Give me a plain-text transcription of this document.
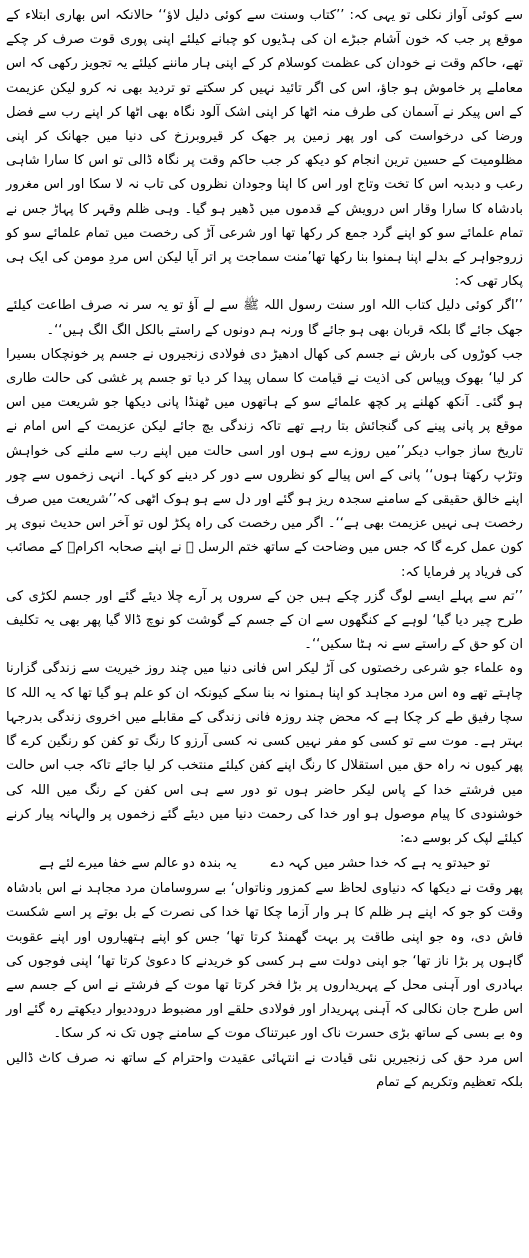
سے کوئی آواز نکلی تو یہی کہ: ’’کتاب وسنت سے کوئی دلیل لاؤ‘‘ حالانکہ اس بھاری ابتلاء کے موقع پر جب کہ خون آشام جبڑے ان کی ہڈیوں کو چبانے کیلئے اپنی پوری قوت صرف کر چکے تھے، حاکم وقت نے خودان کی عظمت کوسلام کر کے اپنی ہار ماننے کیلئے یہ تجویز رکھی کہ اس معاملے پر خاموش ہو جاؤ، اس کی اگر تائید نہیں کر سکتے تو تردید بھی نہ کرو لیکن عزیمت کے اس پیکر نے آسمان کی طرف منہ اٹھا کر اپنی اشک آلود نگاہ بھی اٹھا کر اپنے رب سے فضل ورضا کی درخواست کی اور پھر زمین پر جھک کر قیروبرزخ کی دنیا میں جھانک کر اپنی مظلومیت کے حسین ترین انجام کو دیکھ کر جب حاکم وقت پر نگاہ ڈالی تو اس کا سارا شاہی رعب و دبدبہ اس کا تخت وتاج اور اس کا اپنا وجودان نظروں کی تاب نہ لا سکا اور اس مغرور بادشاہ کا سارا وقار اس درویش کے قدموں میں ڈھیر ہو گیا۔ وہی ظلم وقہر کا پہاڑ جس نے تمام علمائے سو کو اپنے گرد جمع کر رکھا تھا اور شرعی آڑ کی رخصت میں تمام علمائے سو کو زروجواہر کے بدلے اپنا ہمنوا بنا رکھا تھا’منت سماجت پر اتر آیا لیکن اس مردِ مومن کی ایک ہی پکار تھی کہ:

’’اگر کوئی دلیل کتاب اللہ اور سنت رسول اللہ ﷺ سے لے آؤ تو یہ سر نہ صرف اطاعت کیلئے جھک جائے گا بلکہ قربان بھی ہو جائے گا ورنہ ہم دونوں کے راستے بالکل الگ الگ ہیں‘‘۔

جب کوڑوں کی بارش نے جسم کی کھال ادھیڑ دی فولادی زنجیروں نے جسم پر خونچکاں بسیرا کر لیا‘ بھوک وپیاس کی اذیت نے قیامت کا سماں پیدا کر دیا تو جسم پر غشی کی حالت طاری ہو گئی۔ آنکھ کھلنے پر کچھ علمائے سو کے ہاتھوں میں ٹھنڈا پانی دیکھا جو شریعت میں اس موقع پر پانی پینے کی گنجائش بتا رہے تھے تاکہ زندگی بچ جائے لیکن عزیمت کے اس امام نے تاریخ ساز جواب دیکر’’میں روزے سے ہوں اور اسی حالت میں اپنے رب سے ملنے کی خواہش وتڑپ رکھتا ہوں‘‘ پانی کے اس پیالے کو نظروں سے دور کر دینے کو کہا۔ انہی زخموں سے چور اپنے خالق حقیقی کے سامنے سجدہ ریز ہو گئے اور دل سے ہو ہوک اٹھی کہ’’شریعت میں صرف رخصت ہی نہیں عزیمت بھی ہے‘‘۔ اگر میں رخصت کی راہ پکڑ لوں تو آخر اس حدیث نبوی پر کون عمل کرے گا کہ جس میں وضاحت کے ساتھ ختم الرسل ﷺ نے اپنے صحابہ اکرامؓ کے مصائب کی فریاد پر فرمایا کہ:

’’تم سے پہلے ایسے لوگ گزر چکے ہیں جن کے سروں پر آرے چلا دیئے گئے اور جسم لکڑی کی طرح چیر دیا گیا‘ لوہے کے کنگھوں سے ان کے جسم کے گوشت کو نوچ ڈالا گیا پھر بھی یہ تکلیف ان کو حق کے راستے سے نہ ہٹا سکیں‘‘۔

وہ علماء جو شرعی رخصتوں کی آڑ لیکر اس فانی دنیا میں چند روز خیریت سے زندگی گزارنا چاہتے تھے وہ اس مرد مجاہد کو اپنا ہمنوا نہ بنا سکے کیونکہ ان کو علم ہو گیا تھا کہ یہ اللہ کا سچا رفیق طے کر چکا ہے کہ محض چند روزہ فانی زندگی کے مقابلے میں اخروی زندگی بدرجہا بہتر ہے۔ موت سے تو کسی کو مفر نہیں کسی نہ کسی آرزو کا رنگ تو کفن کو رنگین کرے گا پھر کیوں نہ راہ حق میں استقلال کا رنگ اپنے کفن کیلئے منتخب کر لیا جائے تاکہ جب اس حالت میں فرشتے خدا کے پاس لیکر حاضر ہوں تو دور سے ہی اس کفن کے رنگ میں اللہ کی خوشنودی کا پیام موصول ہو اور خدا کی رحمت دنیا میں دیئے گئے زخموں پر والہانہ پیار کرنے کیلئے لپک کر بوسے دے:

تو حیدتو یہ ہے کہ خدا حشر میں کہہ دے
یہ بندہ دو عالم سے خفا میرے لئے ہے

پھر وقت نے دیکھا کہ دنیاوی لحاظ سے کمزور وناتواں‘ بے سروسامان مرد مجاہد نے اس بادشاہ وقت کو جو کہ اپنے ہر ظلم کا ہر وار آزما چکا تھا خدا کی نصرت کے بل بوتے پر اسے شکست فاش دی، وہ جو اپنی طاقت پر بہت گھمنڈ کرتا تھا‘ جس کو اپنے ہتھیاروں اور اپنے عقوبت گاہوں پر بڑا ناز تھا‘ جو اپنی دولت سے ہر کسی کو خریدنے کا دعویٰ کرتا تھا‘ اپنی فوجوں کی بہادری اور آہنی محل کے پہریداروں پر بڑا فخر کرتا تھا موت کے فرشتے نے اس کے جسم سے اس طرح جان نکالی کہ آہنی پہریدار اور فولادی حلقے اور مضبوط دروددیوار دیکھتے رہ گئے اور وہ بے بسی کے ساتھ بڑی حسرت ناک اور عبرتناک موت کے سامنے چوں تک نہ کر سکا۔

اس مرد حق کی زنجیریں نئی قیادت نے انتہائی عقیدت واحترام کے ساتھ نہ صرف کاٹ ڈالیں بلکہ تعظیم وتکریم کے تمام
